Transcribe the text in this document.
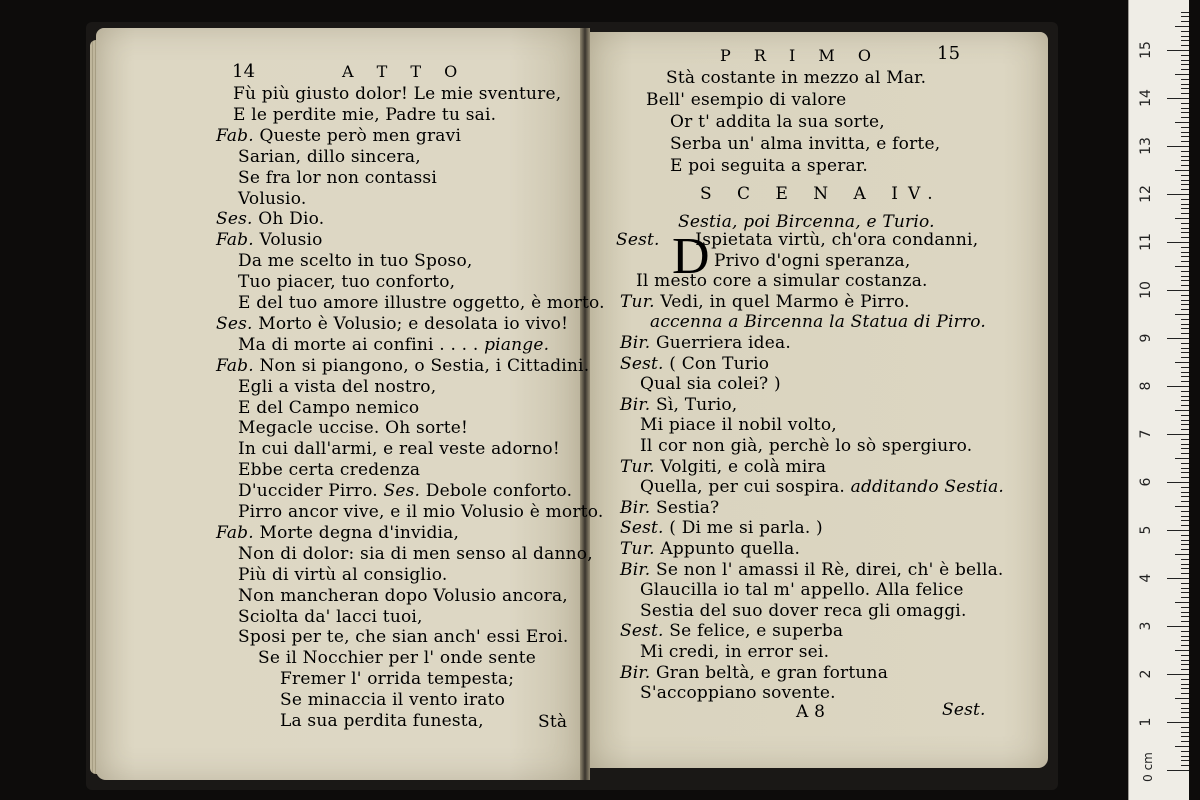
14	A T T O
Fù più giusto dolor! Le mie sventure,
E le perdite mie, Padre tu sai.
Fab. Queste però men gravi
Sarian, dillo sincera,
Se fra lor non contassi
Volusio.
Ses. Oh Dio.
Fab. Volusio
Da me scelto in tuo Sposo,
Tuo piacer, tuo conforto,
E del tuo amore illustre oggetto, è morto.
Ses. Morto è Volusio; e desolata io vivo!
Ma di morte ai confini . . . . piange.
Fab. Non si piangono, o Sestia, i Cittadini.
Egli a vista del nostro,
E del Campo nemico
Megacle uccise. Oh sorte!
In cui dall'armi, e real veste adorno!
Ebbe certa credenza
D'uccider Pirro. Ses. Debole conforto.
Pirro ancor vive, e il mio Volusio è morto.
Fab. Morte degna d'invidia,
Non di dolor: sia di men senso al danno,
Più di virtù al consiglio.
Non mancheran dopo Volusio ancora,
Sciolta da' lacci tuoi,
Sposi per te, che sian anch' essi Eroi.
Se il Nocchier per l' onde sente
Fremer l' orrida tempesta;
Se minaccia il vento irato
La sua perdita funesta,	Stà
P R I M O	15
Stà costante in mezzo al Mar.
Bell' esempio di valore
Or t' addita la sua sorte,
Serba un' alma invitta, e forte,
E poi seguita a sperar.
S C E N A IV.
Sestia, poi Bircenna, e Turio.
D
Sest. Ispietata virtù, ch'ora condanni,
Privo d'ogni speranza,
Il mesto core a simular costanza.
Tur. Vedi, in quel Marmo è Pirro.
accenna a Bircenna la Statua di Pirro.
Bir. Guerriera idea.
Sest. ( Con Turio
Qual sia colei? )
Bir. Sì, Turio,
Mi piace il nobil volto,
Il cor non già, perchè lo sò spergiuro.
Tur. Volgiti, e colà mira
Quella, per cui sospira. additando Sestia.
Bir. Sestia?
Sest. ( Di me si parla. )
Tur. Appunto quella.
Bir. Se non l' amassi il Rè, direi, ch' è bella.
Glaucilla io tal m' appello. Alla felice
Sestia del suo dover reca gli omaggi.
Sest. Se felice, e superba
Mi credi, in error sei.
Bir. Gran beltà, e gran fortuna
S'accoppiano sovente.
A 8	Sest.
1
2
3
4
5
6
7
8
9
10
11
12
13
14
15
0 cm
